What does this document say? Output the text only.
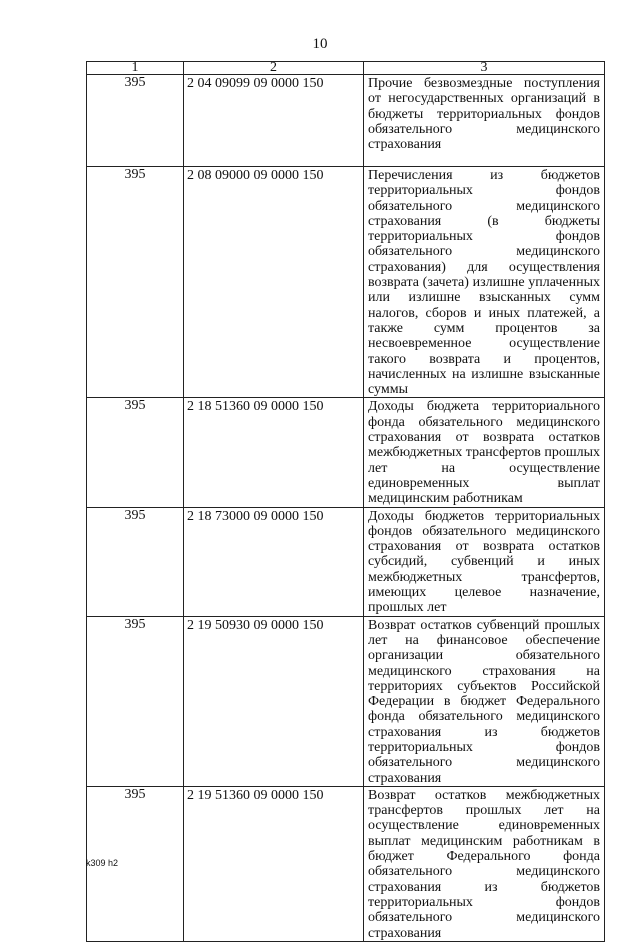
10
1	2	3
395	2 04 09099 09 0000 150	Прочие безвозмездные поступления от негосударственных организаций в бюджеты территориальных фондов обязательного медицинского страхования
395	2 08 09000 09 0000 150	Перечисления из бюджетов территориальных фондов обязательного медицинского страхования (в бюджеты территориальных фондов обязательного медицинского страхования) для осуществления возврата (зачета) излишне уплаченных или излишне взысканных сумм налогов, сборов и иных платежей, а также сумм процентов за несвоевременное осуществление такого возврата и процентов, начисленных на излишне взысканные суммы
395	2 18 51360 09 0000 150	Доходы бюджета территориального фонда обязательного медицинского страхования от возврата остатков межбюджетных трансфертов прошлых лет на осуществление единовременных выплат медицинским работникам
395	2 18 73000 09 0000 150	Доходы бюджетов территориальных фондов обязательного медицинского страхования от возврата остатков субсидий, субвенций и иных межбюджетных трансфертов, имеющих целевое назначение, прошлых лет
395	2 19 50930 09 0000 150	Возврат остатков субвенций прошлых лет на финансовое обеспечение организации обязательного медицинского страхования на территориях субъектов Российской Федерации в бюджет Федерального фонда обязательного медицинского страхования из бюджетов территориальных фондов обязательного медицинского страхования
395	2 19 51360 09 0000 150	Возврат остатков межбюджетных трансфертов прошлых лет на осуществление единовременных выплат медицинским работникам в бюджет Федерального фонда обязательного медицинского страхования из бюджетов территориальных фондов обязательного медицинского страхования
k309 h2
